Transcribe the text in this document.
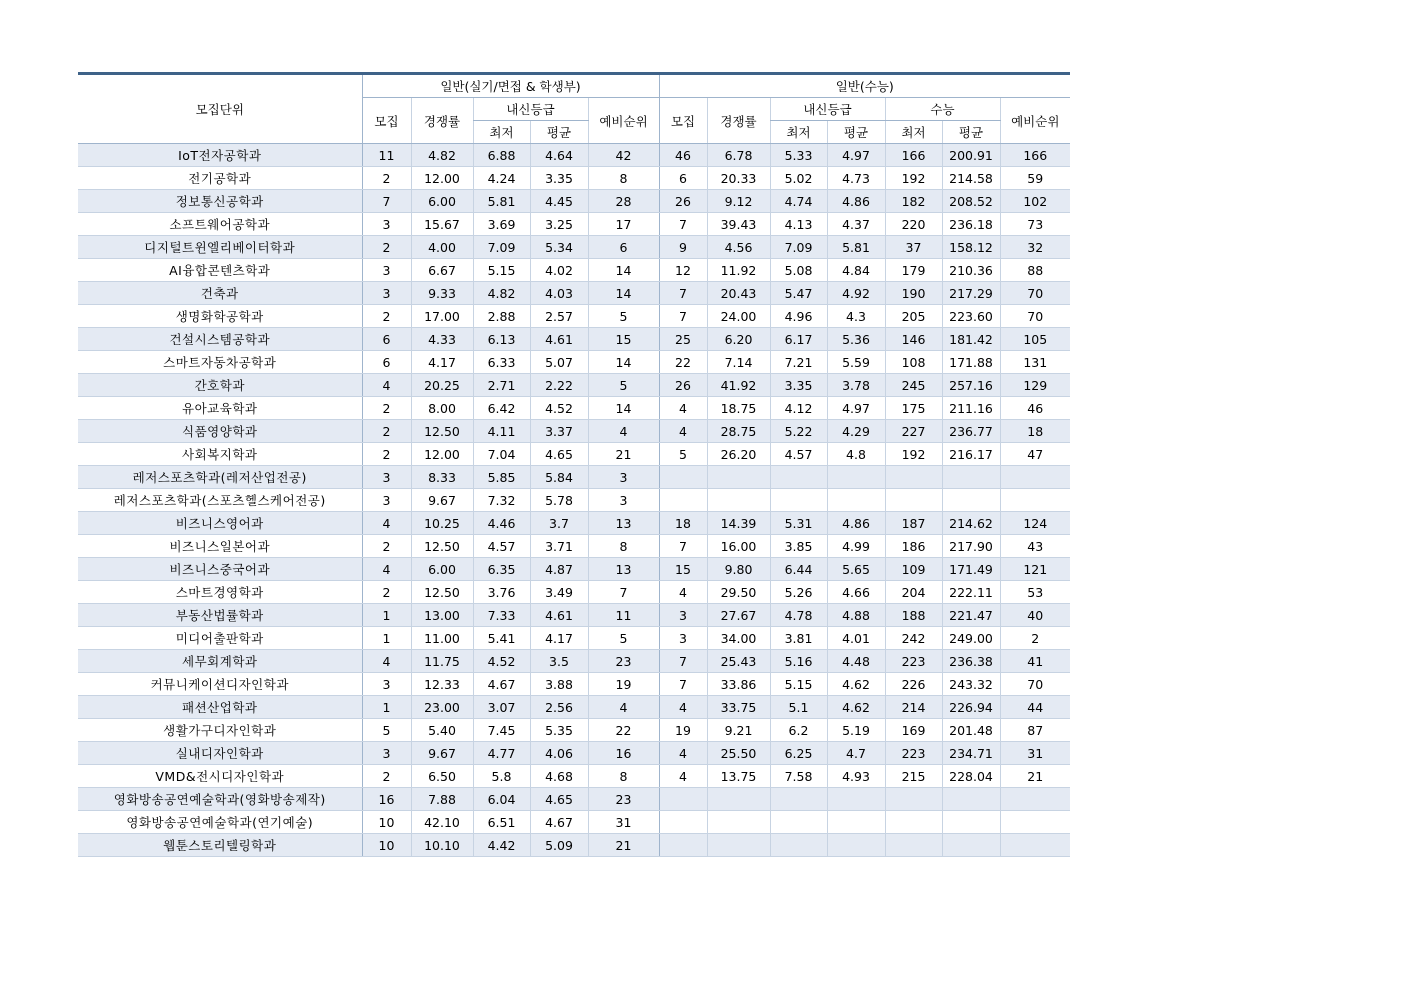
모집단위	일반(실기/면접 & 학생부)					일반(수능)						
	모집	경쟁률	내신등급		예비순위	모집	경쟁률	내신등급		수능		예비순위
			최저	평균				최저	평균	최저	평균	
IoT전자공학과	11	4.82	6.88	4.64	42	46	6.78	5.33	4.97	166	200.91	166
전기공학과	2	12.00	4.24	3.35	8	6	20.33	5.02	4.73	192	214.58	59
정보통신공학과	7	6.00	5.81	4.45	28	26	9.12	4.74	4.86	182	208.52	102
소프트웨어공학과	3	15.67	3.69	3.25	17	7	39.43	4.13	4.37	220	236.18	73
디지털트윈엘리베이터학과	2	4.00	7.09	5.34	6	9	4.56	7.09	5.81	37	158.12	32
AI융합콘텐츠학과	3	6.67	5.15	4.02	14	12	11.92	5.08	4.84	179	210.36	88
건축과	3	9.33	4.82	4.03	14	7	20.43	5.47	4.92	190	217.29	70
생명화학공학과	2	17.00	2.88	2.57	5	7	24.00	4.96	4.3	205	223.60	70
건설시스템공학과	6	4.33	6.13	4.61	15	25	6.20	6.17	5.36	146	181.42	105
스마트자동차공학과	6	4.17	6.33	5.07	14	22	7.14	7.21	5.59	108	171.88	131
간호학과	4	20.25	2.71	2.22	5	26	41.92	3.35	3.78	245	257.16	129
유아교육학과	2	8.00	6.42	4.52	14	4	18.75	4.12	4.97	175	211.16	46
식품영양학과	2	12.50	4.11	3.37	4	4	28.75	5.22	4.29	227	236.77	18
사회복지학과	2	12.00	7.04	4.65	21	5	26.20	4.57	4.8	192	216.17	47
레저스포츠학과(레저산업전공)	3	8.33	5.85	5.84	3							
레저스포츠학과(스포츠헬스케어전공)	3	9.67	7.32	5.78	3							
비즈니스영어과	4	10.25	4.46	3.7	13	18	14.39	5.31	4.86	187	214.62	124
비즈니스일본어과	2	12.50	4.57	3.71	8	7	16.00	3.85	4.99	186	217.90	43
비즈니스중국어과	4	6.00	6.35	4.87	13	15	9.80	6.44	5.65	109	171.49	121
스마트경영학과	2	12.50	3.76	3.49	7	4	29.50	5.26	4.66	204	222.11	53
부동산법률학과	1	13.00	7.33	4.61	11	3	27.67	4.78	4.88	188	221.47	40
미디어출판학과	1	11.00	5.41	4.17	5	3	34.00	3.81	4.01	242	249.00	2
세무회계학과	4	11.75	4.52	3.5	23	7	25.43	5.16	4.48	223	236.38	41
커뮤니케이션디자인학과	3	12.33	4.67	3.88	19	7	33.86	5.15	4.62	226	243.32	70
패션산업학과	1	23.00	3.07	2.56	4	4	33.75	5.1	4.62	214	226.94	44
생활가구디자인학과	5	5.40	7.45	5.35	22	19	9.21	6.2	5.19	169	201.48	87
실내디자인학과	3	9.67	4.77	4.06	16	4	25.50	6.25	4.7	223	234.71	31
VMD&전시디자인학과	2	6.50	5.8	4.68	8	4	13.75	7.58	4.93	215	228.04	21
영화방송공연예술학과(영화방송제작)	16	7.88	6.04	4.65	23							
영화방송공연예술학과(연기예술)	10	42.10	6.51	4.67	31							
웹툰스토리텔링학과	10	10.10	4.42	5.09	21							
